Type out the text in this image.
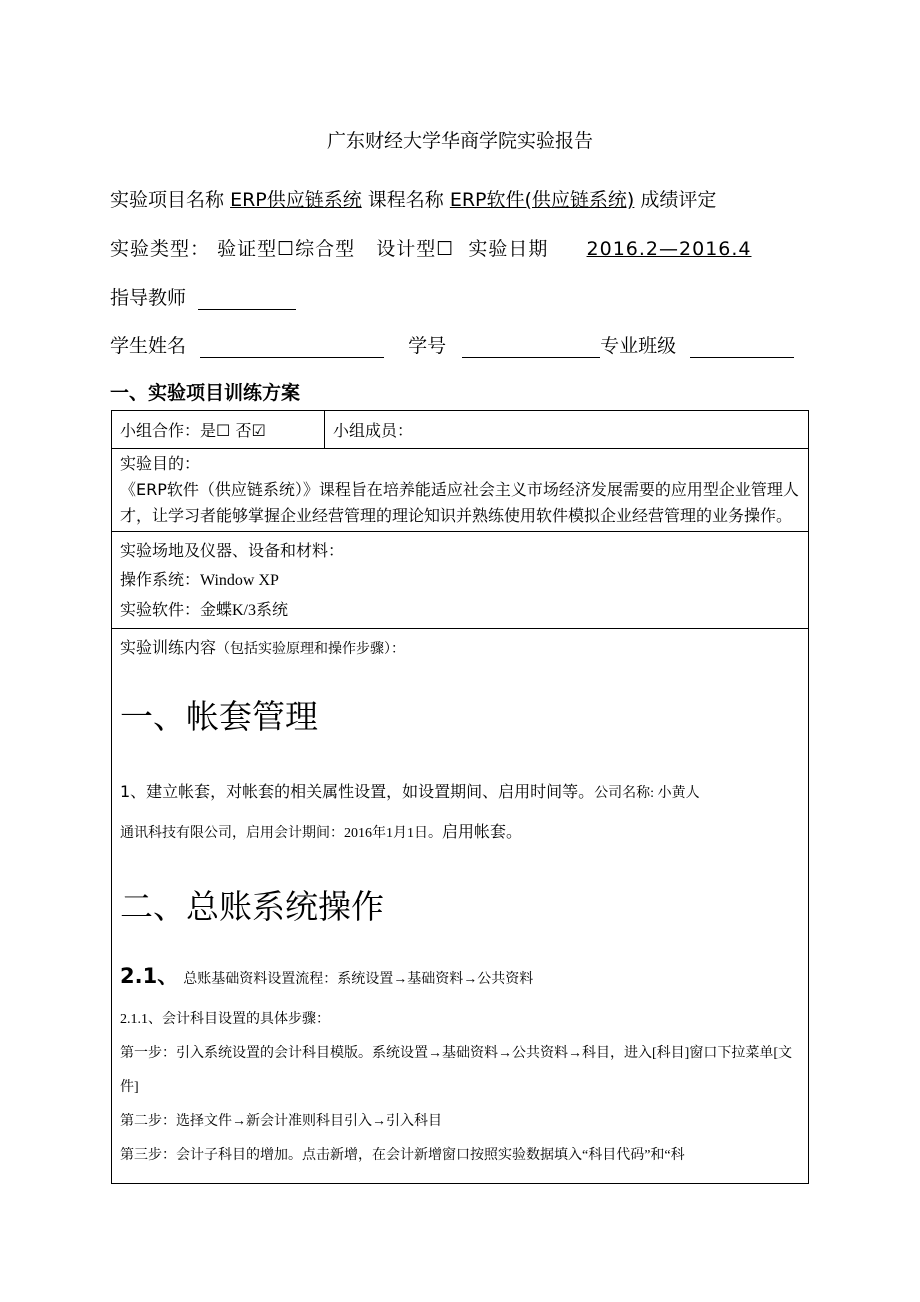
广东财经大学华商学院实验报告
实验项目名称 ERP供应链系统 课程名称 ERP软件(供应链系统) 成绩评定
实验类型： 验证型☐综合型 设计型☐ 实验日期 2016.2—2016.4
指导教师
学生姓名	学号	专业班级
一、实验项目训练方案
小组合作：是☐ 否☑	小组成员：

实验目的：

《ERP软件（供应链系统）》课程旨在培养能适应社会主义市场经济发展需要的应用型企业管理人才，让学习者能够掌握企业经营管理的理论知识并熟练使用软件模拟企业经营管理的业务操作。

实验场地及仪器、设备和材料：

操作系统：Window XP

实验软件：金蝶K/3系统

实验训练内容（包括实验原理和操作步骤）：

一、帐套管理

1、建立帐套，对帐套的相关属性设置，如设置期间、启用时间等。公司名称: 小黄人
通讯科技有限公司，启用会计期间：2016年1月1日。启用帐套。

二、总账系统操作

2.1、 总账基础资料设置流程：系统设置→基础资料→公共资料

2.1.1、会计科目设置的具体步骤：

第一步：引入系统设置的会计科目模版。系统设置→基础资料→公共资料→科目，进入[科目]窗口下拉菜单[文件]

第二步：选择文件→新会计准则科目引入→引入科目

第三步：会计子科目的增加。点击新增，在会计新增窗口按照实验数据填入“科目代码”和“科
